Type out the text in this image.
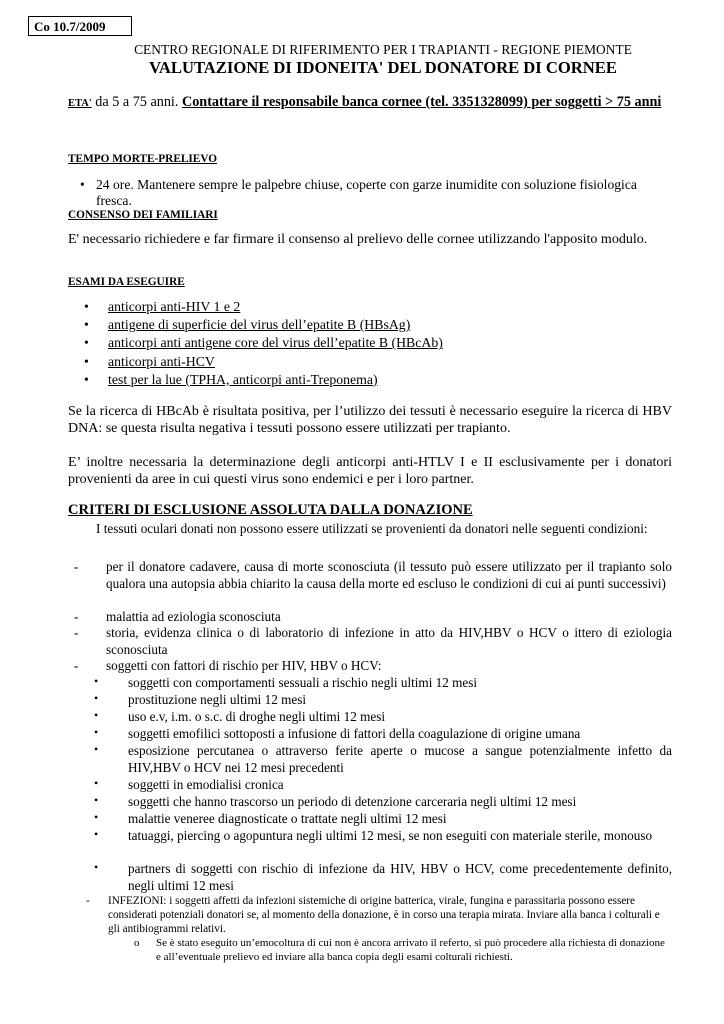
Co 10.7/2009
CENTRO REGIONALE DI RIFERIMENTO PER I TRAPIANTI - REGIONE PIEMONTE
VALUTAZIONE DI IDONEITA' DEL DONATORE DI CORNEE
ETA' da 5 a 75 anni. Contattare il responsabile banca cornee (tel. 3351328099) per soggetti > 75 anni
TEMPO MORTE-PRELIEVO
• 24 ore. Mantenere sempre le palpebre chiuse, coperte con garze inumidite con soluzione fisiologica fresca.
CONSENSO DEI FAMILIARI
E' necessario richiedere e far firmare il consenso al prelievo delle cornee utilizzando l'apposito modulo.
ESAMI DA ESEGUIRE
• anticorpi anti-HIV 1 e 2
• antigene di superficie del virus dell’epatite B (HBsAg)
• anticorpi anti antigene core del virus dell’epatite B (HBcAb)
• anticorpi anti-HCV
• test per la lue (TPHA, anticorpi anti-Treponema)
Se la ricerca di HBcAb è risultata positiva, per l’utilizzo dei tessuti è necessario eseguire la ricerca di HBV DNA: se questa risulta negativa i tessuti possono essere utilizzati per trapianto.
E’ inoltre necessaria la determinazione degli anticorpi anti-HTLV I e II esclusivamente per i donatori provenienti da aree in cui questi virus sono endemici e per i loro partner.
CRITERI DI ESCLUSIONE ASSOLUTA DALLA DONAZIONE
I tessuti oculari donati non possono essere utilizzati se provenienti da donatori nelle seguenti condizioni:
- per il donatore cadavere, causa di morte sconosciuta (il tessuto può essere utilizzato per il trapianto solo qualora una autopsia abbia chiarito la causa della morte ed escluso le condizioni di cui ai punti successivi)
- malattia ad eziologia sconosciuta
- storia, evidenza clinica o di laboratorio di infezione in atto da HIV,HBV o HCV o ittero di eziologia sconosciuta
- soggetti con fattori di rischio per HIV, HBV o HCV:
• soggetti con comportamenti sessuali a rischio negli ultimi 12 mesi
• prostituzione negli ultimi 12 mesi
• uso e.v, i.m. o s.c. di droghe negli ultimi 12 mesi
• soggetti emofilici sottoposti a infusione di fattori della coagulazione di origine umana
• esposizione percutanea o attraverso ferite aperte o mucose a sangue potenzialmente infetto da HIV,HBV o HCV nei 12 mesi precedenti
• soggetti in emodialisi cronica
• soggetti che hanno trascorso un periodo di detenzione carceraria negli ultimi 12 mesi
• malattie veneree diagnosticate o trattate negli ultimi 12 mesi
• tatuaggi, piercing o agopuntura negli ultimi 12 mesi, se non eseguiti con materiale sterile, monouso
• partners di soggetti con rischio di infezione da HIV, HBV o HCV, come precedentemente definito, negli ultimi 12 mesi
- INFEZIONI: i soggetti affetti da infezioni sistemiche di origine batterica, virale, fungina e parassitaria possono essere considerati potenziali donatori se, al momento della donazione, è in corso una terapia mirata. Inviare alla banca i colturali e gli antibiogrammi relativi.
o Se è stato eseguito un’emocoltura di cui non è ancora arrivato il referto, si può procedere alla richiesta di donazione e all’eventuale prelievo ed inviare alla banca copia degli esami colturali richiesti.
